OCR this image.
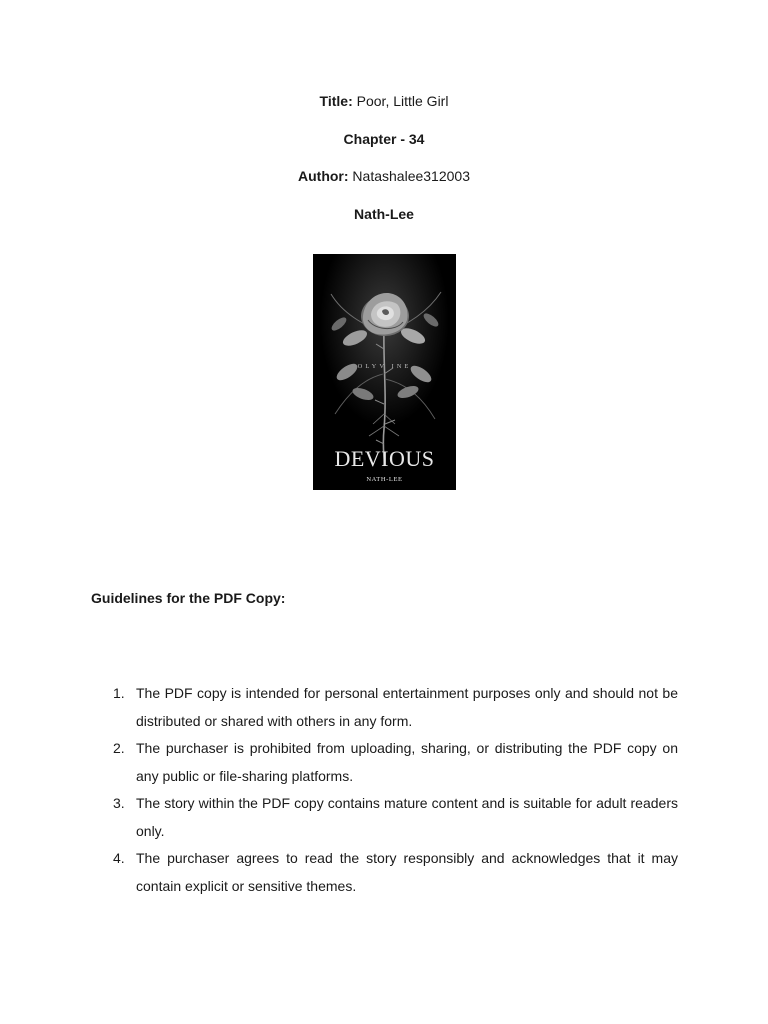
Title: Poor, Little Girl

Chapter - 34

Author: Natashalee312003

Nath-Lee

OLYV INE
DEVIOUS
NATH-LEE

Guidelines for the PDF Copy:

1. The PDF copy is intended for personal entertainment purposes only and should not be distributed or shared with others in any form.
2. The purchaser is prohibited from uploading, sharing, or distributing the PDF copy on any public or file-sharing platforms.
3. The story within the PDF copy contains mature content and is suitable for adult readers only.
4. The purchaser agrees to read the story responsibly and acknowledges that it may contain explicit or sensitive themes.
